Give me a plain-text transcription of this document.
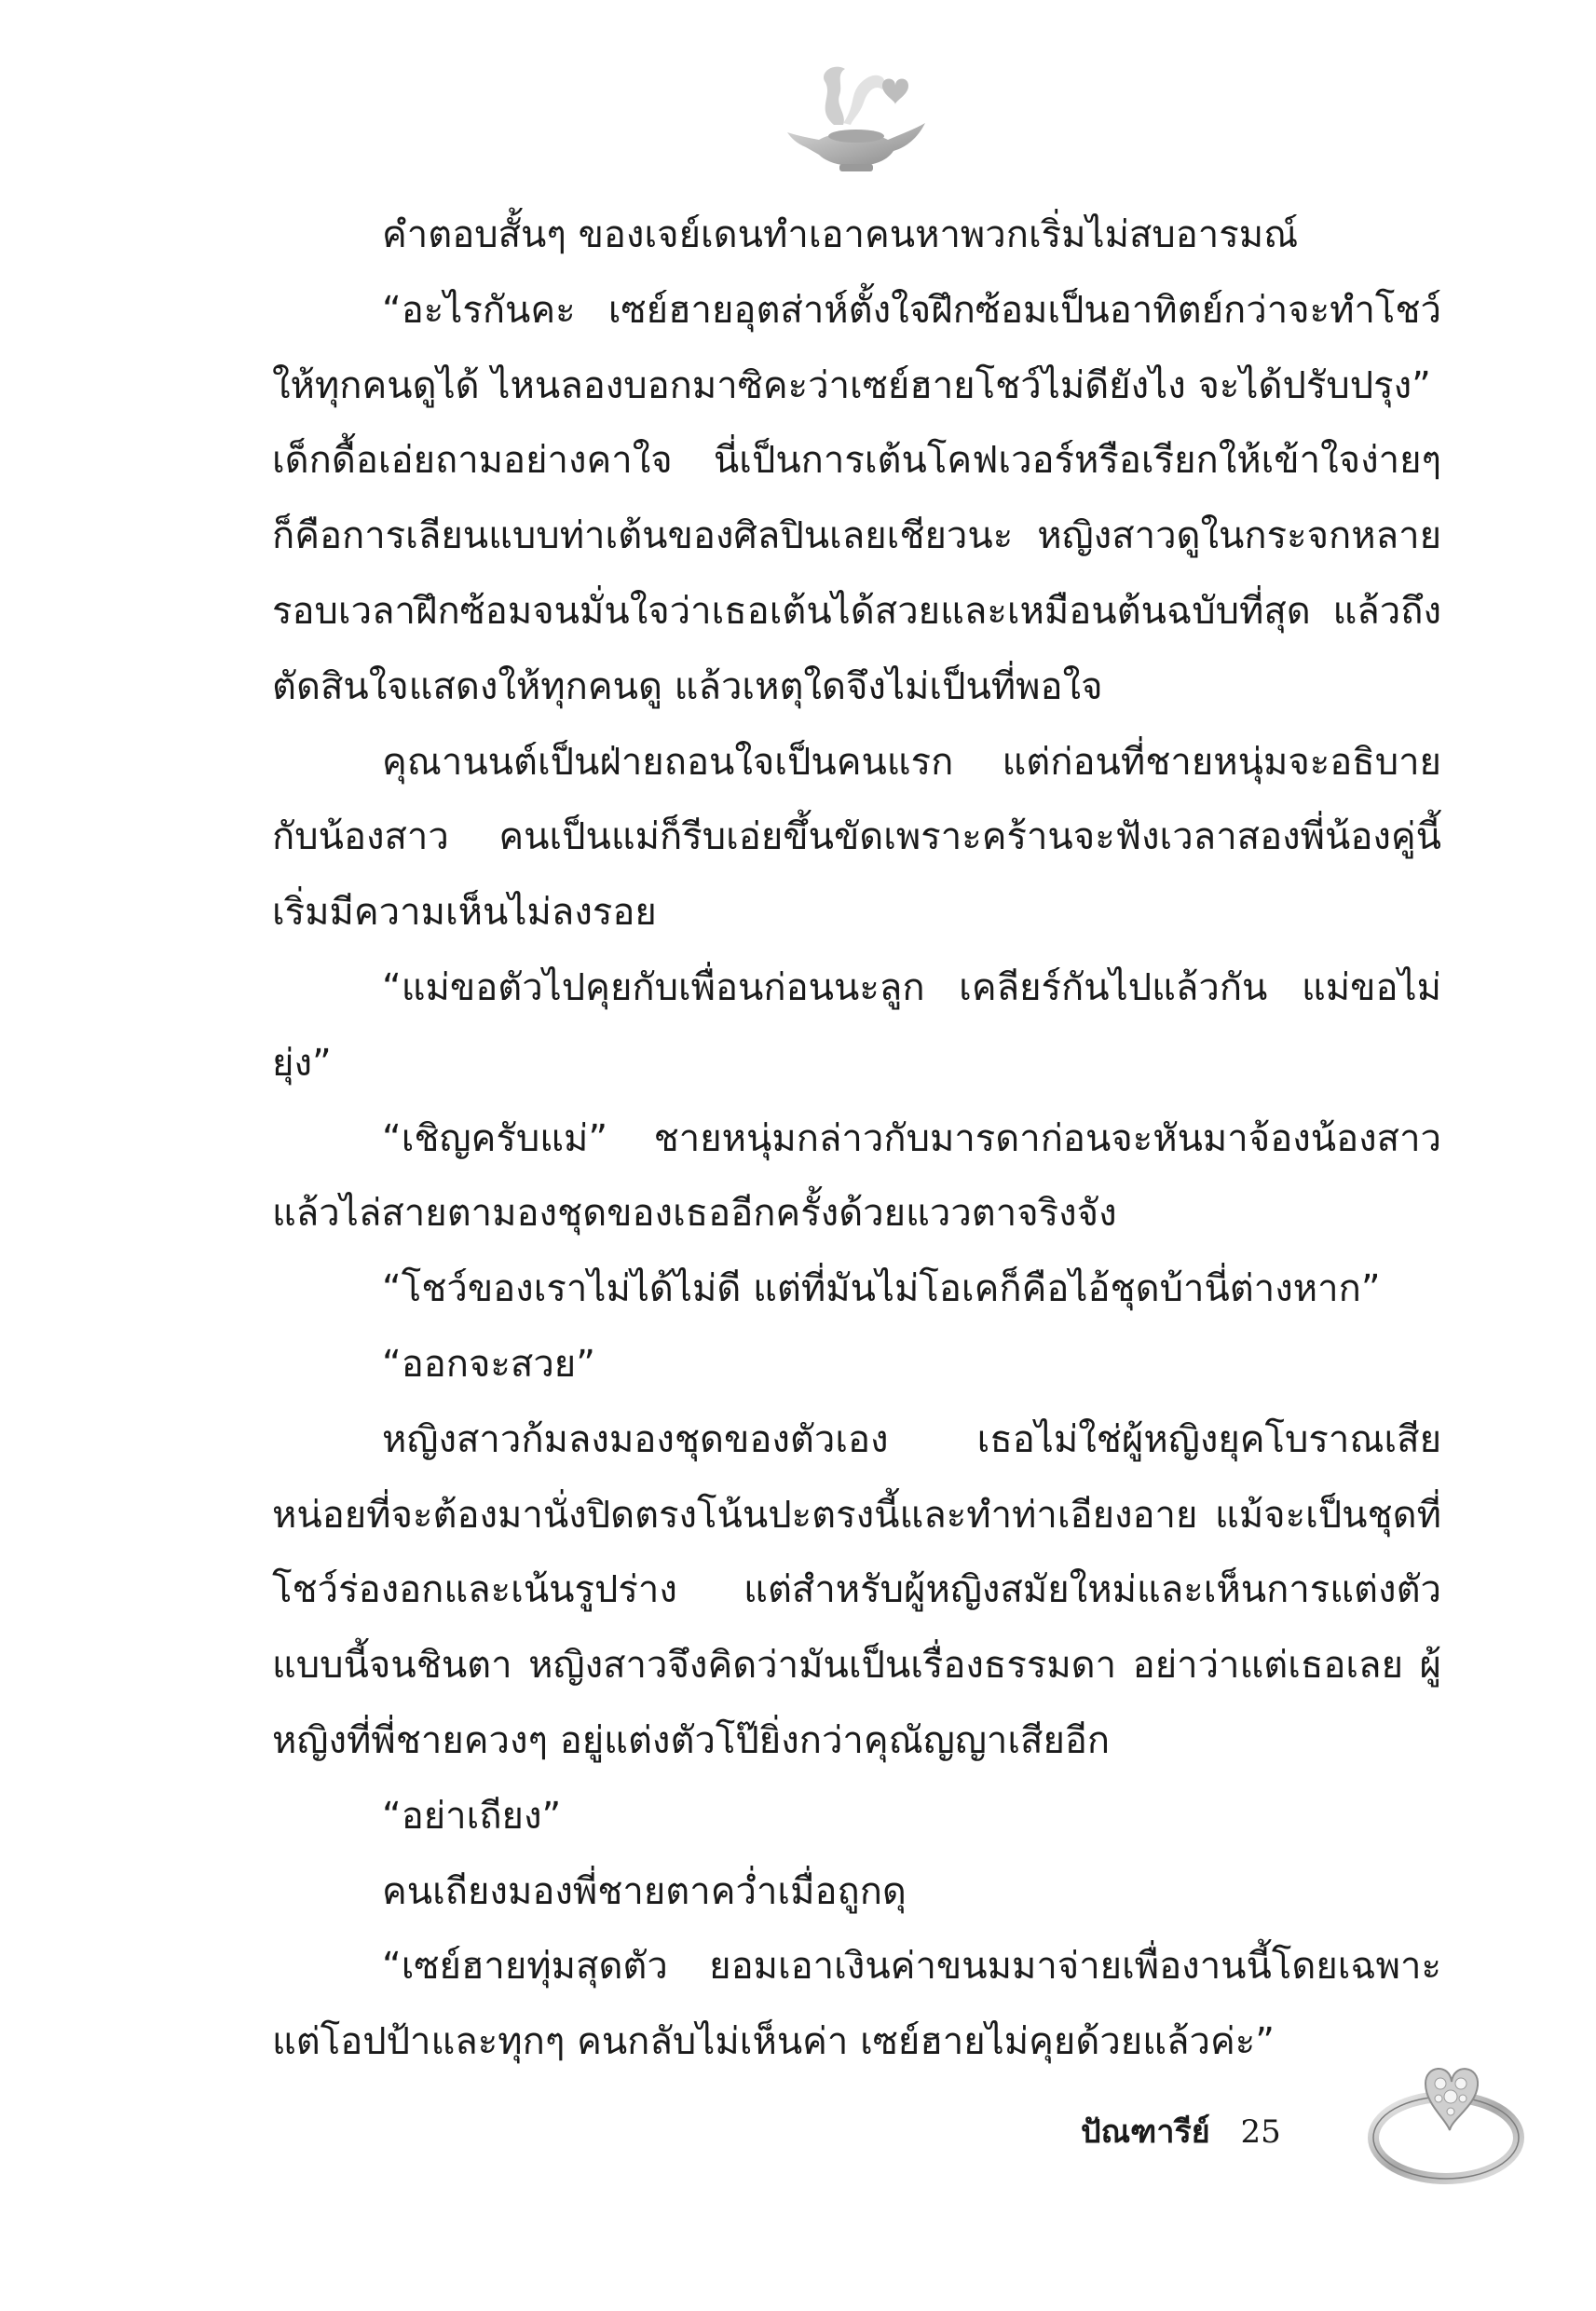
คำตอบสั้นๆ ของเจย์เดนทำเอาคนหาพวกเริ่มไม่สบอารมณ์

“อะไรกันคะ เซย์ฮายอุตส่าห์ตั้งใจฝึกซ้อมเป็นอาทิตย์กว่าจะทำโชว์ให้ทุกคนดูได้ ไหนลองบอกมาซิคะว่าเซย์ฮายโชว์ไม่ดียังไง จะได้ปรับปรุง”

เด็กดื้อเอ่ยถามอย่างคาใจ นี่เป็นการเต้นโคฟเวอร์หรือเรียกให้เข้าใจง่ายๆ ก็คือการเลียนแบบท่าเต้นของศิลปินเลยเชียวนะ หญิงสาวดูในกระจกหลายรอบเวลาฝึกซ้อมจนมั่นใจว่าเธอเต้นได้สวยและเหมือนต้นฉบับที่สุด แล้วถึงตัดสินใจแสดงให้ทุกคนดู แล้วเหตุใดจึงไม่เป็นที่พอใจ

คุณานนต์เป็นฝ่ายถอนใจเป็นคนแรก แต่ก่อนที่ชายหนุ่มจะอธิบายกับน้องสาว คนเป็นแม่ก็รีบเอ่ยขึ้นขัดเพราะคร้านจะฟังเวลาสองพี่น้องคู่นี้เริ่มมีความเห็นไม่ลงรอย

“แม่ขอตัวไปคุยกับเพื่อนก่อนนะลูก เคลียร์กันไปแล้วกัน แม่ขอไม่ยุ่ง”

“เชิญครับแม่” ชายหนุ่มกล่าวกับมารดาก่อนจะหันมาจ้องน้องสาว แล้วไล่สายตามองชุดของเธออีกครั้งด้วยแววตาจริงจัง

“โชว์ของเราไม่ได้ไม่ดี แต่ที่มันไม่โอเคก็คือไอ้ชุดบ้านี่ต่างหาก”

“ออกจะสวย”

หญิงสาวก้มลงมองชุดของตัวเอง เธอไม่ใช่ผู้หญิงยุคโบราณเสียหน่อยที่จะต้องมานั่งปิดตรงโน้นปะตรงนี้และทำท่าเอียงอาย แม้จะเป็นชุดที่โชว์ร่องอกและเน้นรูปร่าง แต่สำหรับผู้หญิงสมัยใหม่และเห็นการแต่งตัวแบบนี้จนชินตา หญิงสาวจึงคิดว่ามันเป็นเรื่องธรรมดา อย่าว่าแต่เธอเลย ผู้หญิงที่พี่ชายควงๆ อยู่แต่งตัวโป๊ยิ่งกว่าคุณัญญาเสียอีก

“อย่าเถียง”

คนเถียงมองพี่ชายตาคว่ำเมื่อถูกดุ

“เซย์ฮายทุ่มสุดตัว ยอมเอาเงินค่าขนมมาจ่ายเพื่องานนี้โดยเฉพาะแต่โอปป้าและทุกๆ คนกลับไม่เห็นค่า เซย์ฮายไม่คุยด้วยแล้วค่ะ”

ปัณฑารีย์ 25
